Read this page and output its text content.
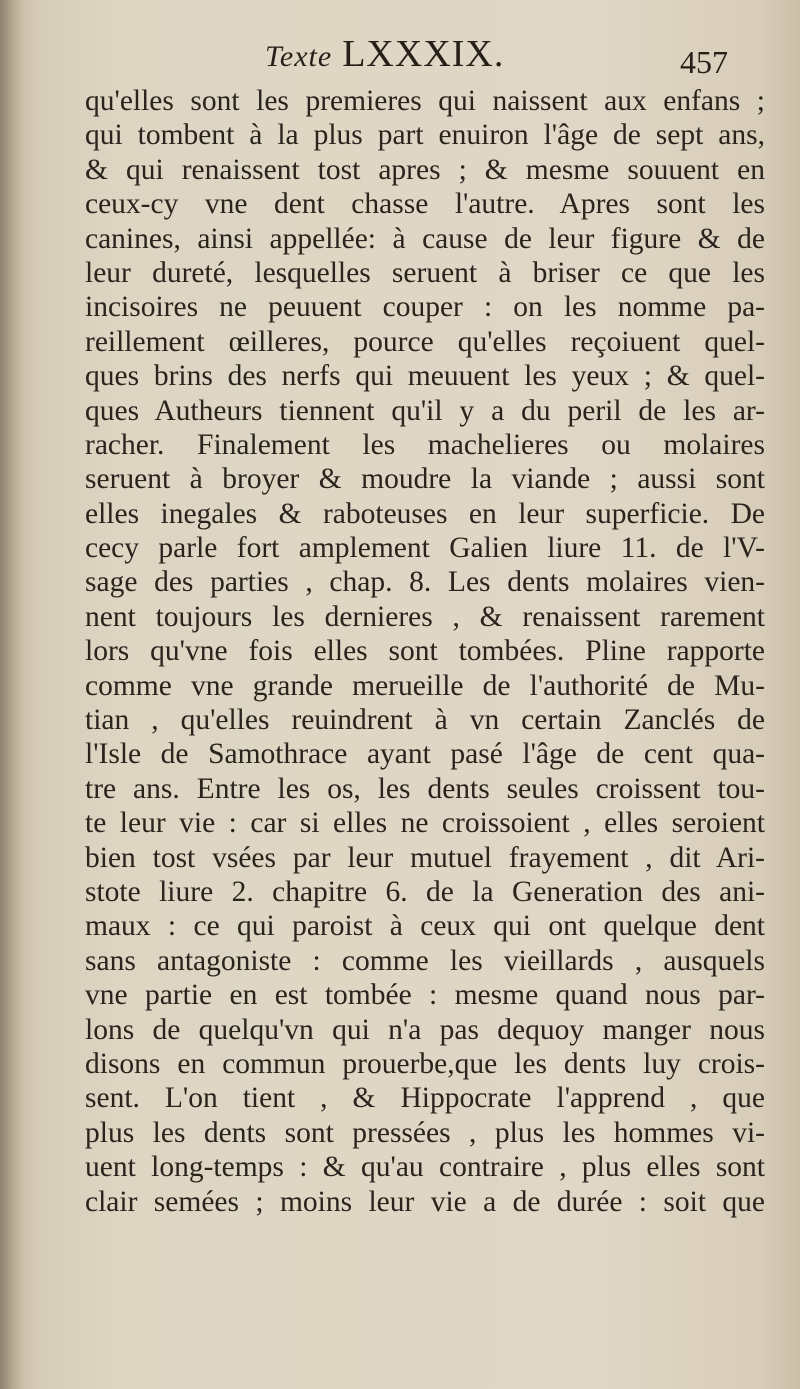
Texte LXXXIX.	457
qu'elles sont les premieres qui naissent aux enfans ;
qui tombent à la plus part enuiron l'âge de sept ans,
& qui renaissent tost apres ; & mesme souuent en
ceux-cy vne dent chasse l'autre. Apres sont les
canines, ainsi appellée: à cause de leur figure & de
leur dureté, lesquelles seruent à briser ce que les
incisoires ne peuuent couper : on les nomme pa-
reillement œilleres, pource qu'elles reçoiuent quel-
ques brins des nerfs qui meuuent les yeux ; & quel-
ques Autheurs tiennent qu'il y a du peril de les ar-
racher. Finalement les machelieres ou molaires
seruent à broyer & moudre la viande ; aussi sont
elles inegales & raboteuses en leur superficie. De
cecy parle fort amplement Galien liure 11. de l'V-
sage des parties , chap. 8. Les dents molaires vien-
nent toujours les dernieres , & renaissent rarement
lors qu'vne fois elles sont tombées. Pline rapporte
comme vne grande merueille de l'authorité de Mu-
tian , qu'elles reuindrent à vn certain Zanclés de
l'Isle de Samothrace ayant pasé l'âge de cent qua-
tre ans. Entre les os, les dents seules croissent tou-
te leur vie : car si elles ne croissoient , elles seroient
bien tost vsées par leur mutuel frayement , dit Ari-
stote liure 2. chapitre 6. de la Generation des ani-
maux : ce qui paroist à ceux qui ont quelque dent
sans antagoniste : comme les vieillards , ausquels
vne partie en est tombée : mesme quand nous par-
lons de quelqu'vn qui n'a pas dequoy manger nous
disons en commun prouerbe,que les dents luy crois-
sent. L'on tient , & Hippocrate l'apprend , que
plus les dents sont pressées , plus les hommes vi-
uent long-temps : & qu'au contraire , plus elles sont
clair semées ; moins leur vie a de durée : soit que
